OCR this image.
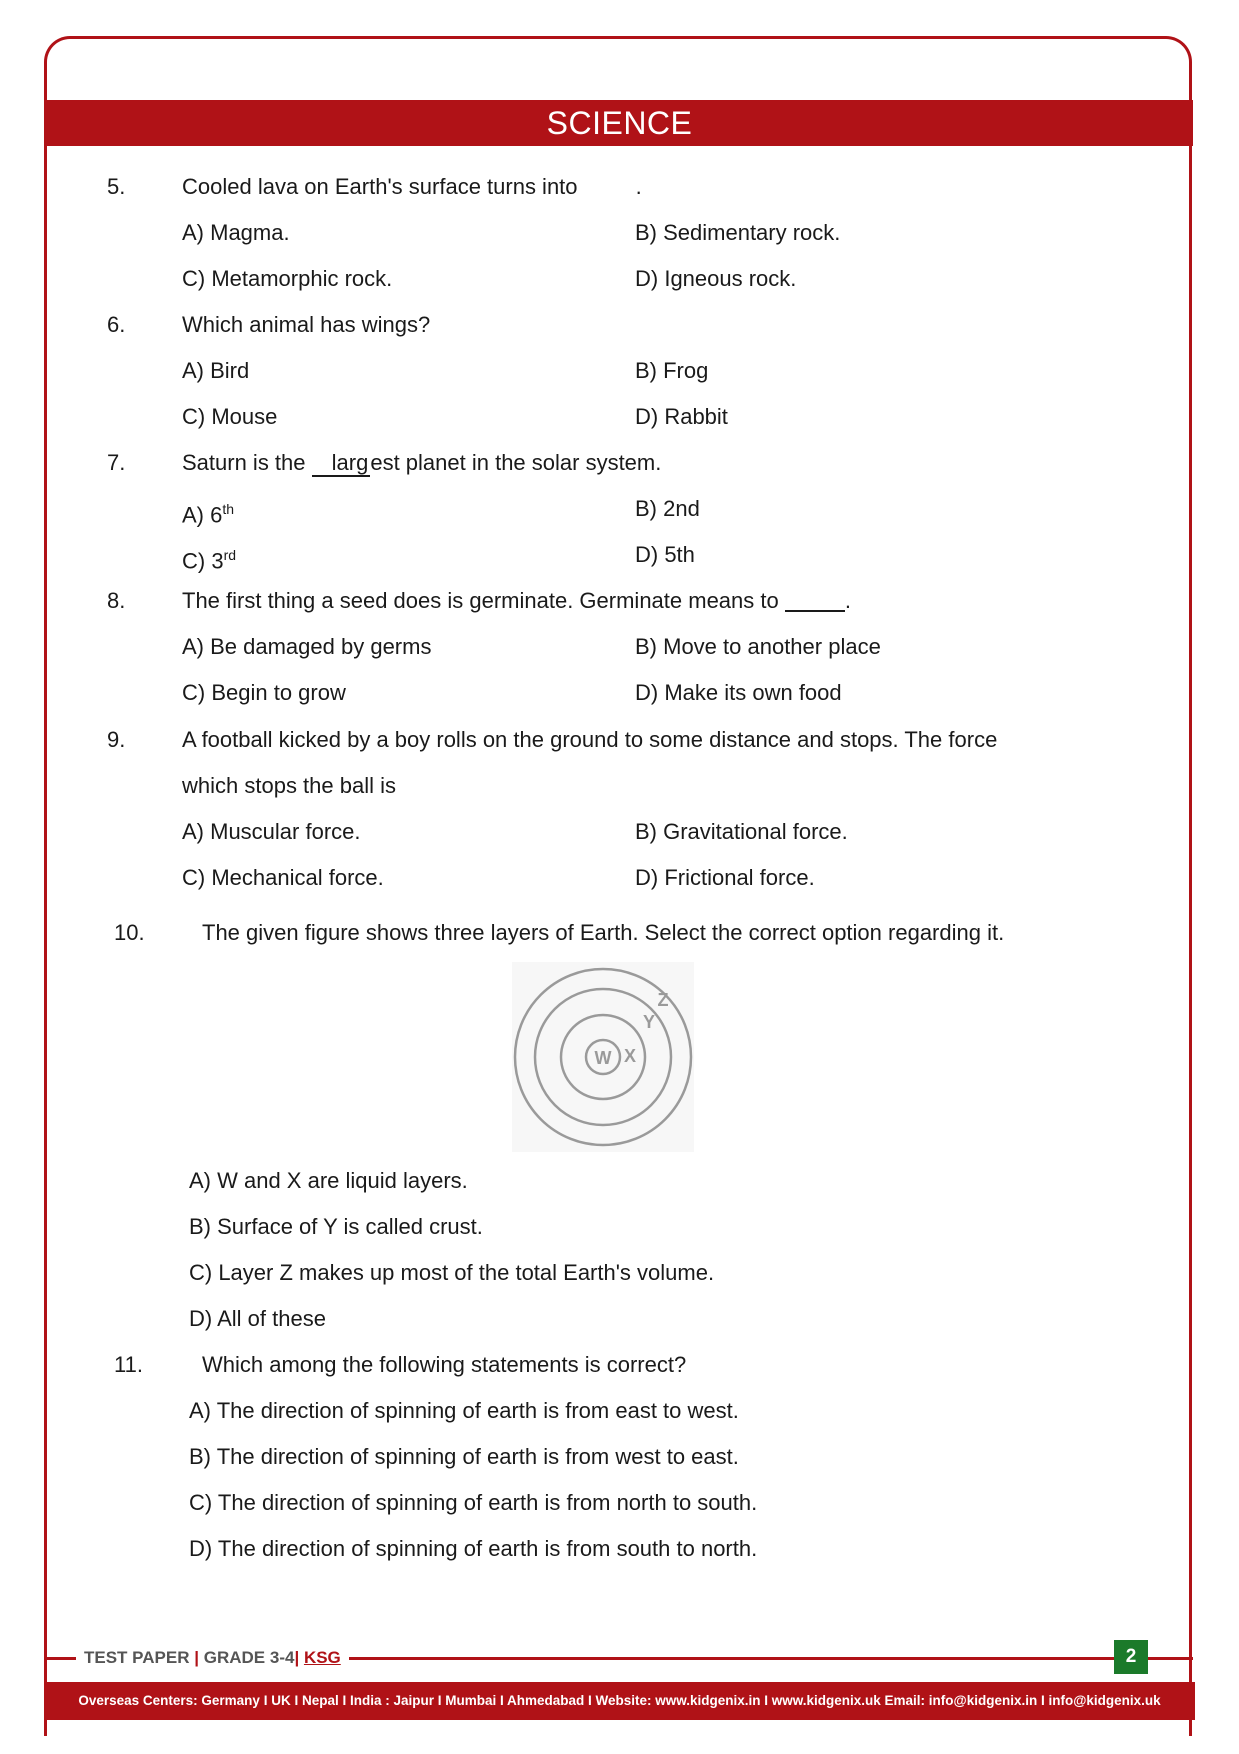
SCIENCE
5.	Cooled lava on Earth's surface turns into	.
A) Magma.	B) Sedimentary rock.
C) Metamorphic rock.	D) Igneous rock.
6.	Which animal has wings?
A) Bird	B) Frog
C) Mouse	D) Rabbit
7.	Saturn is the largest planet in the solar system.
A) 6th	B) 2nd
C) 3rd	D) 5th
8.	The first thing a seed does is germinate. Germinate means to	.
A) Be damaged by germs	B) Move to another place
C) Begin to grow	D) Make its own food
9.	A football kicked by a boy rolls on the ground to some distance and stops. The force
which stops the ball is
A) Muscular force.	B) Gravitational force.
C) Mechanical force.	D) Frictional force.
10.	The given figure shows three layers of Earth. Select the correct option regarding it.
W X
Y
Z
A) W and X are liquid layers.
B) Surface of Y is called crust.
C) Layer Z makes up most of the total Earth's volume.
D) All of these
11.	Which among the following statements is correct?
A) The direction of spinning of earth is from east to west.
B) The direction of spinning of earth is from west to east.
C) The direction of spinning of earth is from north to south.
D) The direction of spinning of earth is from south to north.
TEST PAPER | GRADE 3-4| KSG	2
Overseas Centers: Germany I UK I Nepal I India : Jaipur I Mumbai I Ahmedabad I Website: www.kidgenix.in I www.kidgenix.uk Email: info@kidgenix.in I info@kidgenix.uk
